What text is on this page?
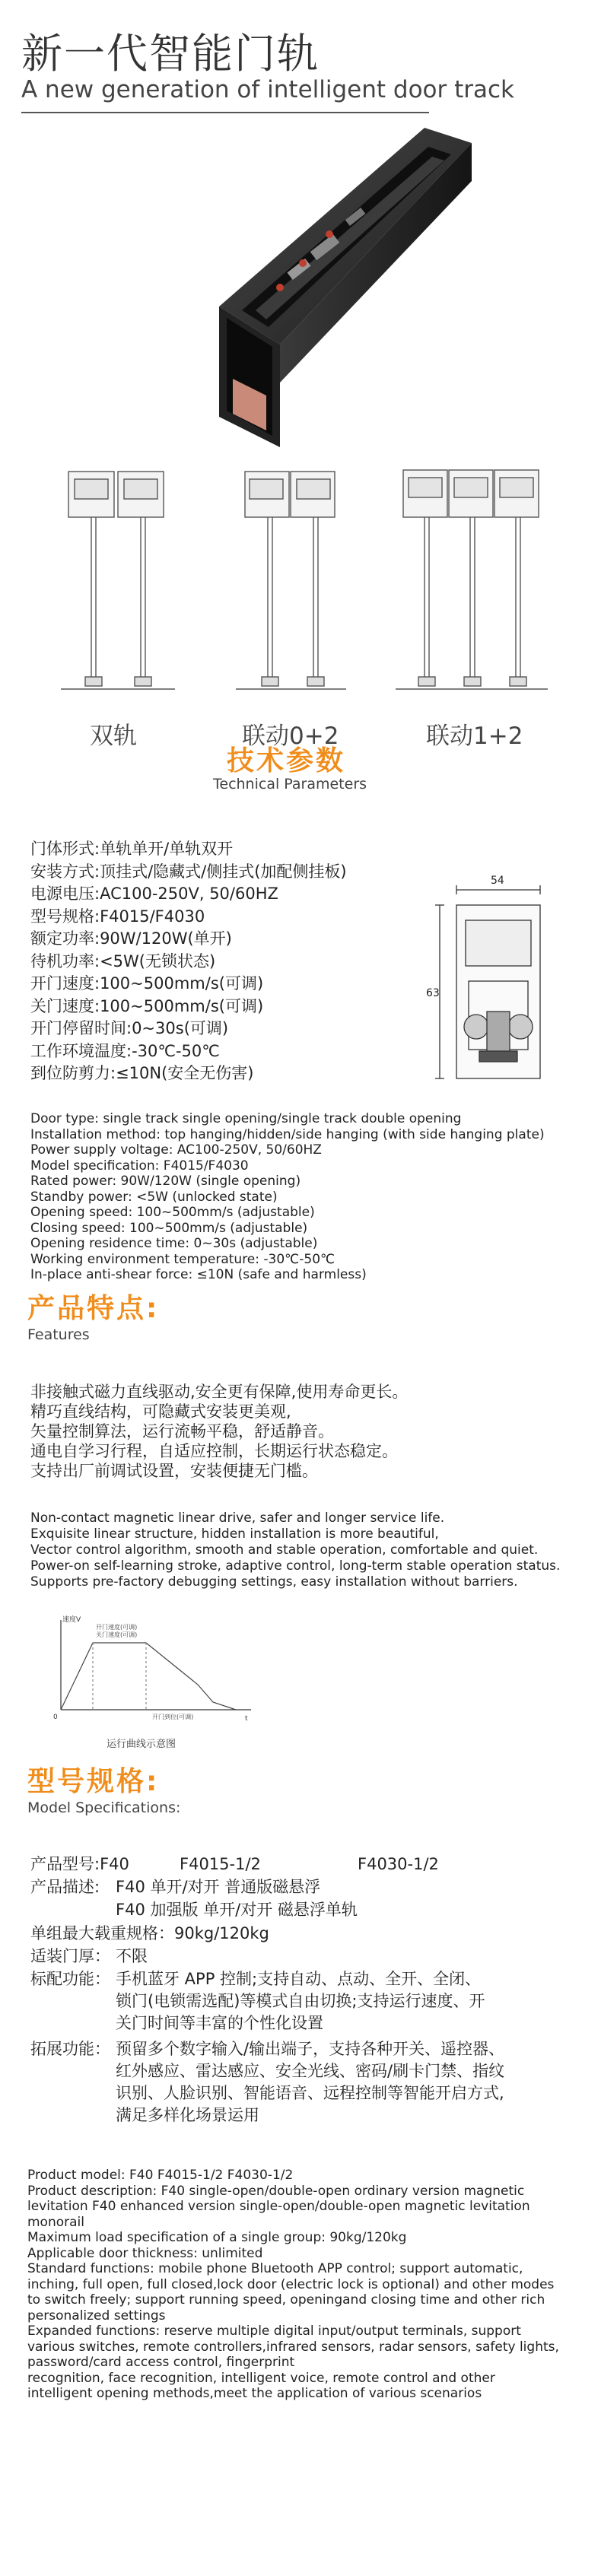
新一代智能门轨
A new generation of intelligent door track
双轨	联动0+2	联动1+2
技术参数
Technical Parameters
门体形式:单轨单开/单轨双开
安装方式:顶挂式/隐藏式/侧挂式(加配侧挂板)
电源电压:AC100-250V, 50/60HZ
型号规格:F4015/F4030
额定功率:90W/120W(单开)
待机功率:<5W(无锁状态)
开门速度:100~500mm/s(可调)
关门速度:100~500mm/s(可调)
开门停留时间:0~30s(可调)
工作环境温度:-30℃-50℃
到位防剪力:≤10N(安全无伤害)
54
63
Door type: single track single opening/single track double opening
Installation method: top hanging/hidden/side hanging (with side hanging plate)
Power supply voltage: AC100-250V, 50/60HZ
Model specification: F4015/F4030
Rated power: 90W/120W (single opening)
Standby power: <5W (unlocked state)
Opening speed: 100~500mm/s (adjustable)
Closing speed: 100~500mm/s (adjustable)
Opening residence time: 0~30s (adjustable)
Working environment temperature: -30℃-50℃
In-place anti-shear force: ≤10N (safe and harmless)
产品特点:
Features
非接触式磁力直线驱动,安全更有保障,使用寿命更长。
精巧直线结构，可隐藏式安装更美观,
矢量控制算法，运行流畅平稳，舒适静音。
通电自学习行程，自适应控制，长期运行状态稳定。
支持出厂前调试设置，安装便捷无门槛。
Non-contact magnetic linear drive, safer and longer service life.
Exquisite linear structure, hidden installation is more beautiful,
Vector control algorithm, smooth and stable operation, comfortable and quiet.
Power-on self-learning stroke, adaptive control, long-term stable operation status.
Supports pre-factory debugging settings, easy installation without barriers.
速度V
t
0
开门速度(可调)
关门速度(可调)
开门到位(可调)
运行曲线示意图
型号规格:
Model Specifications:
产品型号:F40	F4015-1/2	F4030-1/2
产品描述: F40 单开/对开 普通版磁悬浮
F40 加强版 单开/对开 磁悬浮单轨
单组最大载重规格：90kg/120kg
适装门厚： 不限
标配功能： 手机蓝牙 APP 控制;支持自动、点动、全开、全闭、
锁门(电锁需选配)等模式自由切换;支持运行速度、开
关门时间等丰富的个性化设置
拓展功能： 预留多个数字输入/输出端子，支持各种开关、遥控器、
红外感应、雷达感应、安全光线、密码/刷卡门禁、指纹
识别、人脸识别、智能语音、远程控制等智能开启方式,
满足多样化场景运用
Product model: F40 F4015-1/2 F4030-1/2
Product description: F40 single-open/double-open ordinary version magnetic
levitation F40 enhanced version single-open/double-open magnetic levitation
monorail
Maximum load specification of a single group: 90kg/120kg
Applicable door thickness: unlimited
Standard functions: mobile phone Bluetooth APP control; support automatic,
inching, full open, full closed,lock door (electric lock is optional) and other modes
to switch freely; support running speed, openingand closing time and other rich
personalized settings
Expanded functions: reserve multiple digital input/output terminals, support
various switches, remote controllers,infrared sensors, radar sensors, safety lights,
password/card access control, fingerprint
recognition, face recognition, intelligent voice, remote control and other
intelligent opening methods,meet the application of various scenarios
